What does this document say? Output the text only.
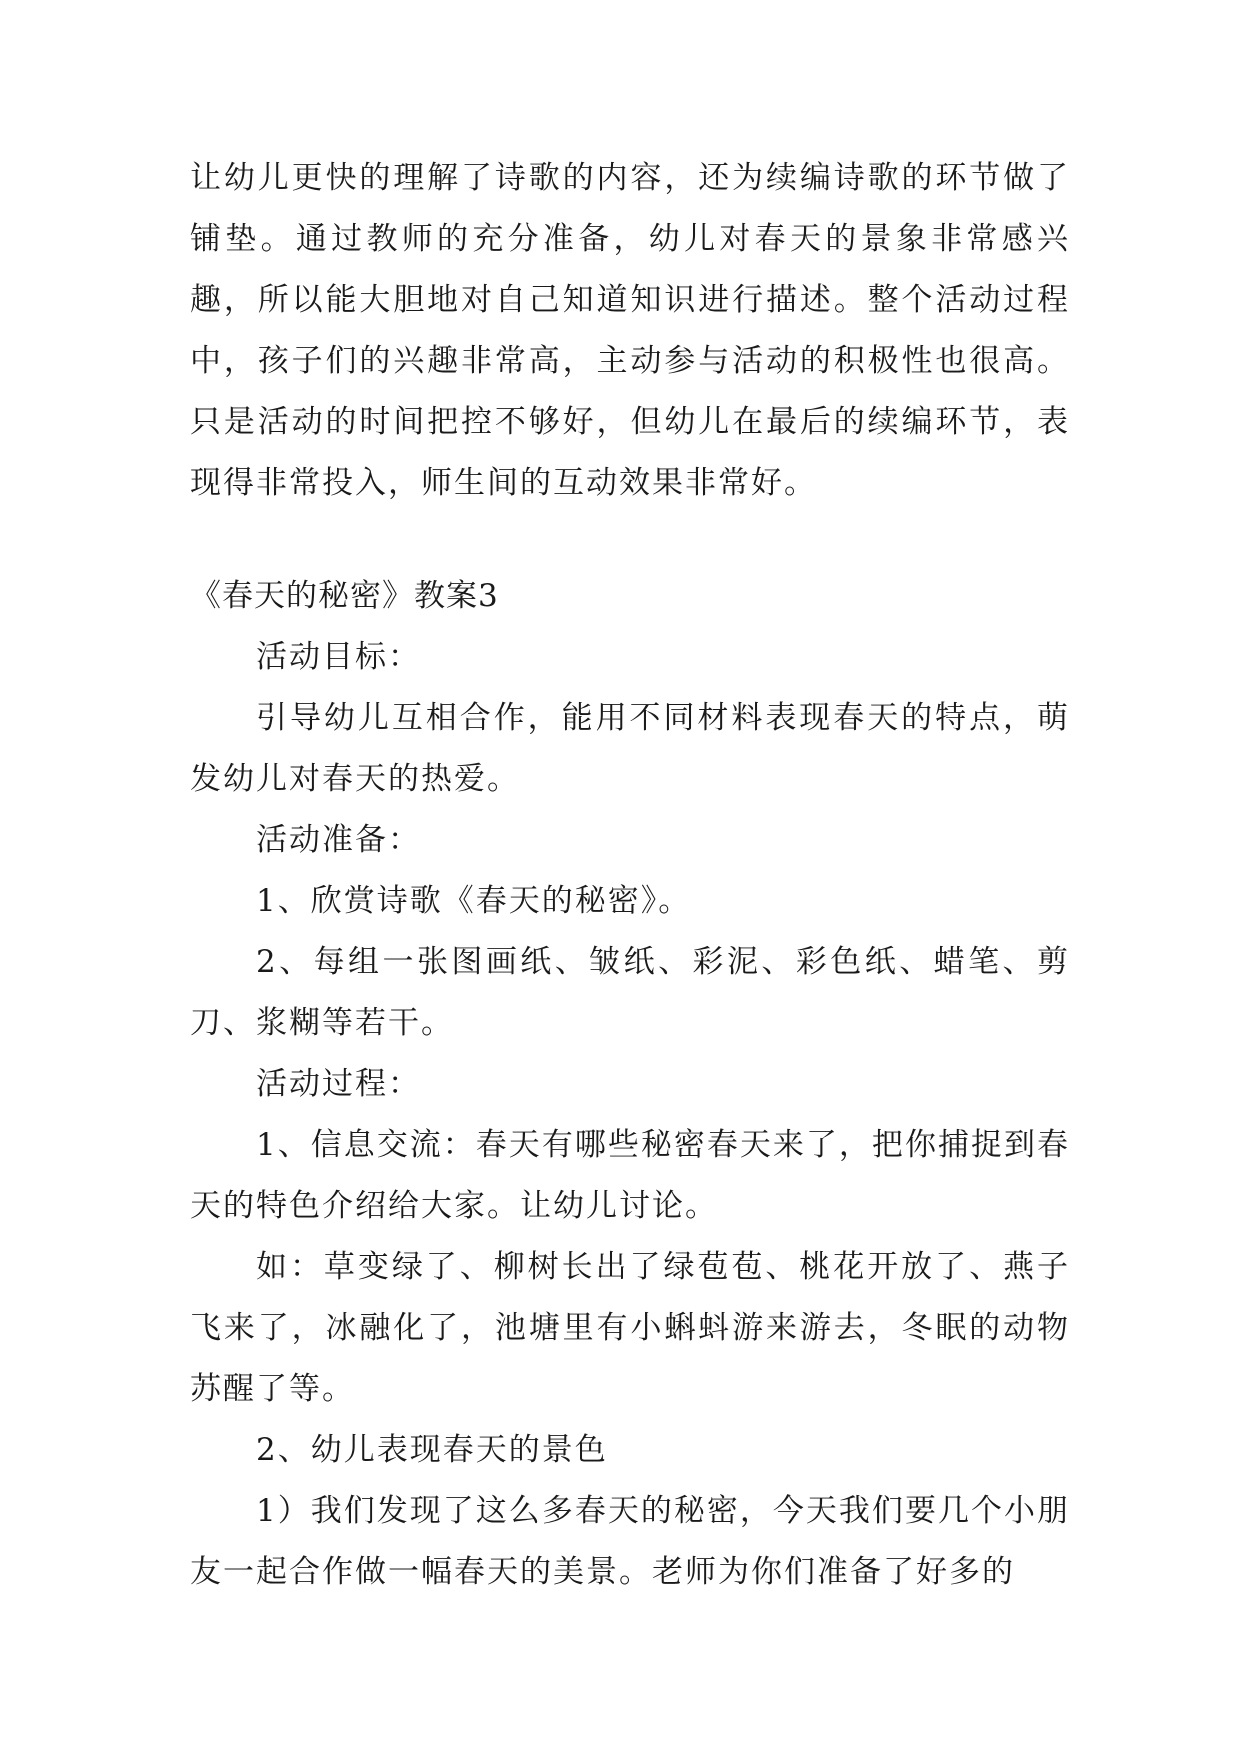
让幼儿更快的理解了诗歌的内容，还为续编诗歌的环节做了铺垫。通过教师的充分准备，幼儿对春天的景象非常感兴趣，所以能大胆地对自己知道知识进行描述。整个活动过程中，孩子们的兴趣非常高，主动参与活动的积极性也很高。只是活动的时间把控不够好，但幼儿在最后的续编环节，表现得非常投入，师生间的互动效果非常好。

《春天的秘密》教案3

活动目标：

引导幼儿互相合作，能用不同材料表现春天的特点，萌发幼儿对春天的热爱。

活动准备：

1、欣赏诗歌《春天的秘密》。

2、每组一张图画纸、皱纸、彩泥、彩色纸、蜡笔、剪刀、浆糊等若干。

活动过程：

1、信息交流：春天有哪些秘密春天来了，把你捕捉到春天的特色介绍给大家。让幼儿讨论。

如：草变绿了、柳树长出了绿苞苞、桃花开放了、燕子飞来了，冰融化了，池塘里有小蝌蚪游来游去，冬眠的动物苏醒了等。

2、幼儿表现春天的景色

1）我们发现了这么多春天的秘密，今天我们要几个小朋友一起合作做一幅春天的美景。老师为你们准备了好多的
